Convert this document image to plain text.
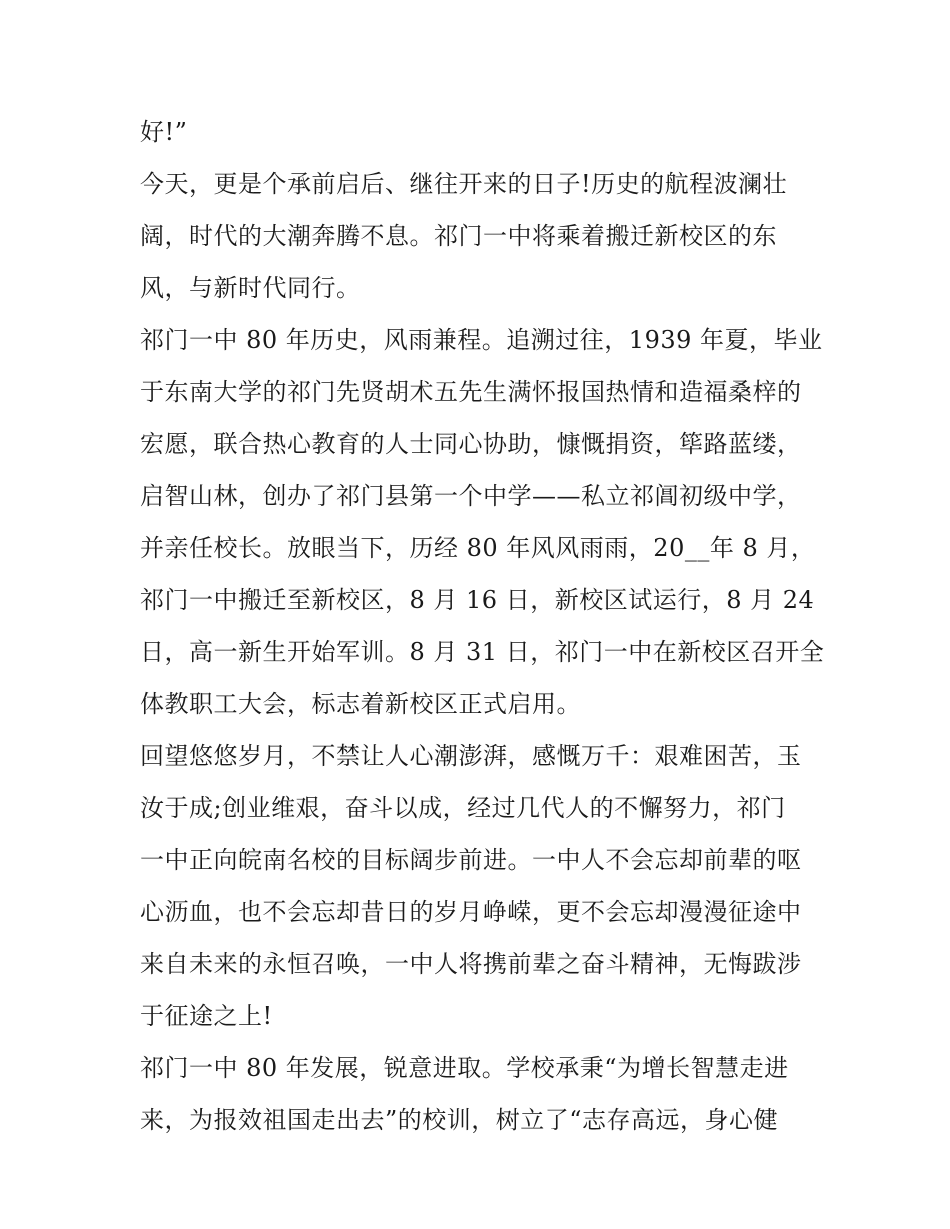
好!”
今天，更是个承前启后、继往开来的日子!历史的航程波澜壮
阔，时代的大潮奔腾不息。祁门一中将乘着搬迁新校区的东
风，与新时代同行。
祁门一中 80 年历史，风雨兼程。追溯过往，1939 年夏，毕业
于东南大学的祁门先贤胡术五先生满怀报国热情和造福桑梓的
宏愿，联合热心教育的人士同心协助，慷慨捐资，筚路蓝缕，
启智山林，创办了祁门县第一个中学——私立祁阊初级中学，
并亲任校长。放眼当下，历经 80 年风风雨雨，20__年 8 月，
祁门一中搬迁至新校区，8 月 16 日，新校区试运行，8 月 24
日，高一新生开始军训。8 月 31 日，祁门一中在新校区召开全
体教职工大会，标志着新校区正式启用。
回望悠悠岁月，不禁让人心潮澎湃，感慨万千：艰难困苦，玉
汝于成;创业维艰，奋斗以成，经过几代人的不懈努力，祁门
一中正向皖南名校的目标阔步前进。一中人不会忘却前辈的呕
心沥血，也不会忘却昔日的岁月峥嵘，更不会忘却漫漫征途中
来自未来的永恒召唤，一中人将携前辈之奋斗精神，无悔跋涉
于征途之上!
祁门一中 80 年发展，锐意进取。学校承秉“为增长智慧走进
来，为报效祖国走出去”的校训，树立了“志存高远，身心健
